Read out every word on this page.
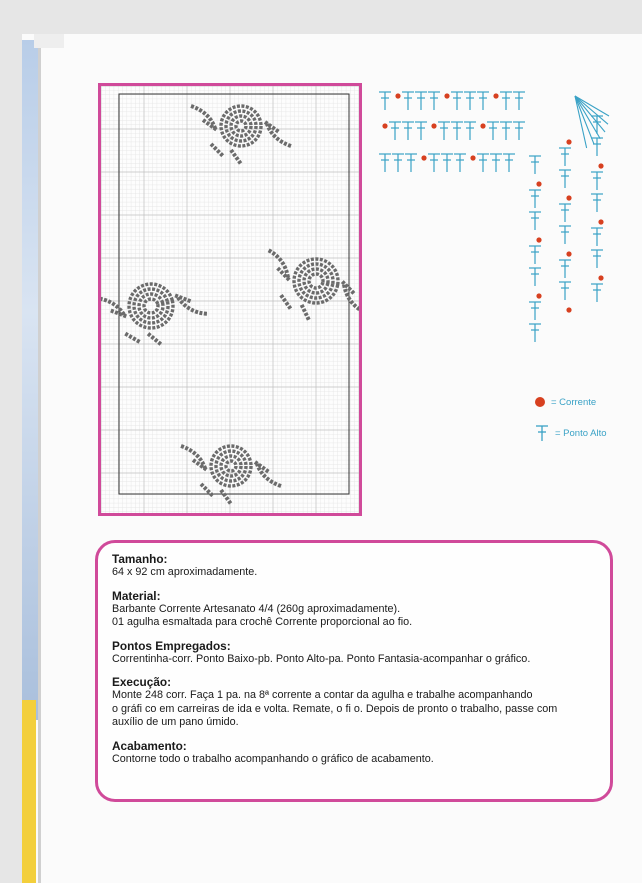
= Corrente
= Ponto Alto
Tamanho:

64 x 92 cm aproximadamente.

Material:

Barbante Corrente Artesanato 4/4 (260g aproximadamente).

01 agulha esmaltada para crochê Corrente proporcional ao fio.

Pontos Empregados:

Correntinha-corr. Ponto Baixo-pb. Ponto Alto-pa. Ponto Fantasia-acompanhar o gráfico.

Execução:

Monte 248 corr. Faça 1 pa. na 8ª corrente a contar da agulha e trabalhe acompanhando

o gráfi co em carreiras de ida e volta. Remate, o fi o. Depois de pronto o trabalho, passe com

auxílio de um pano úmido.

Acabamento:

Contorne todo o trabalho acompanhando o gráfico de acabamento.
